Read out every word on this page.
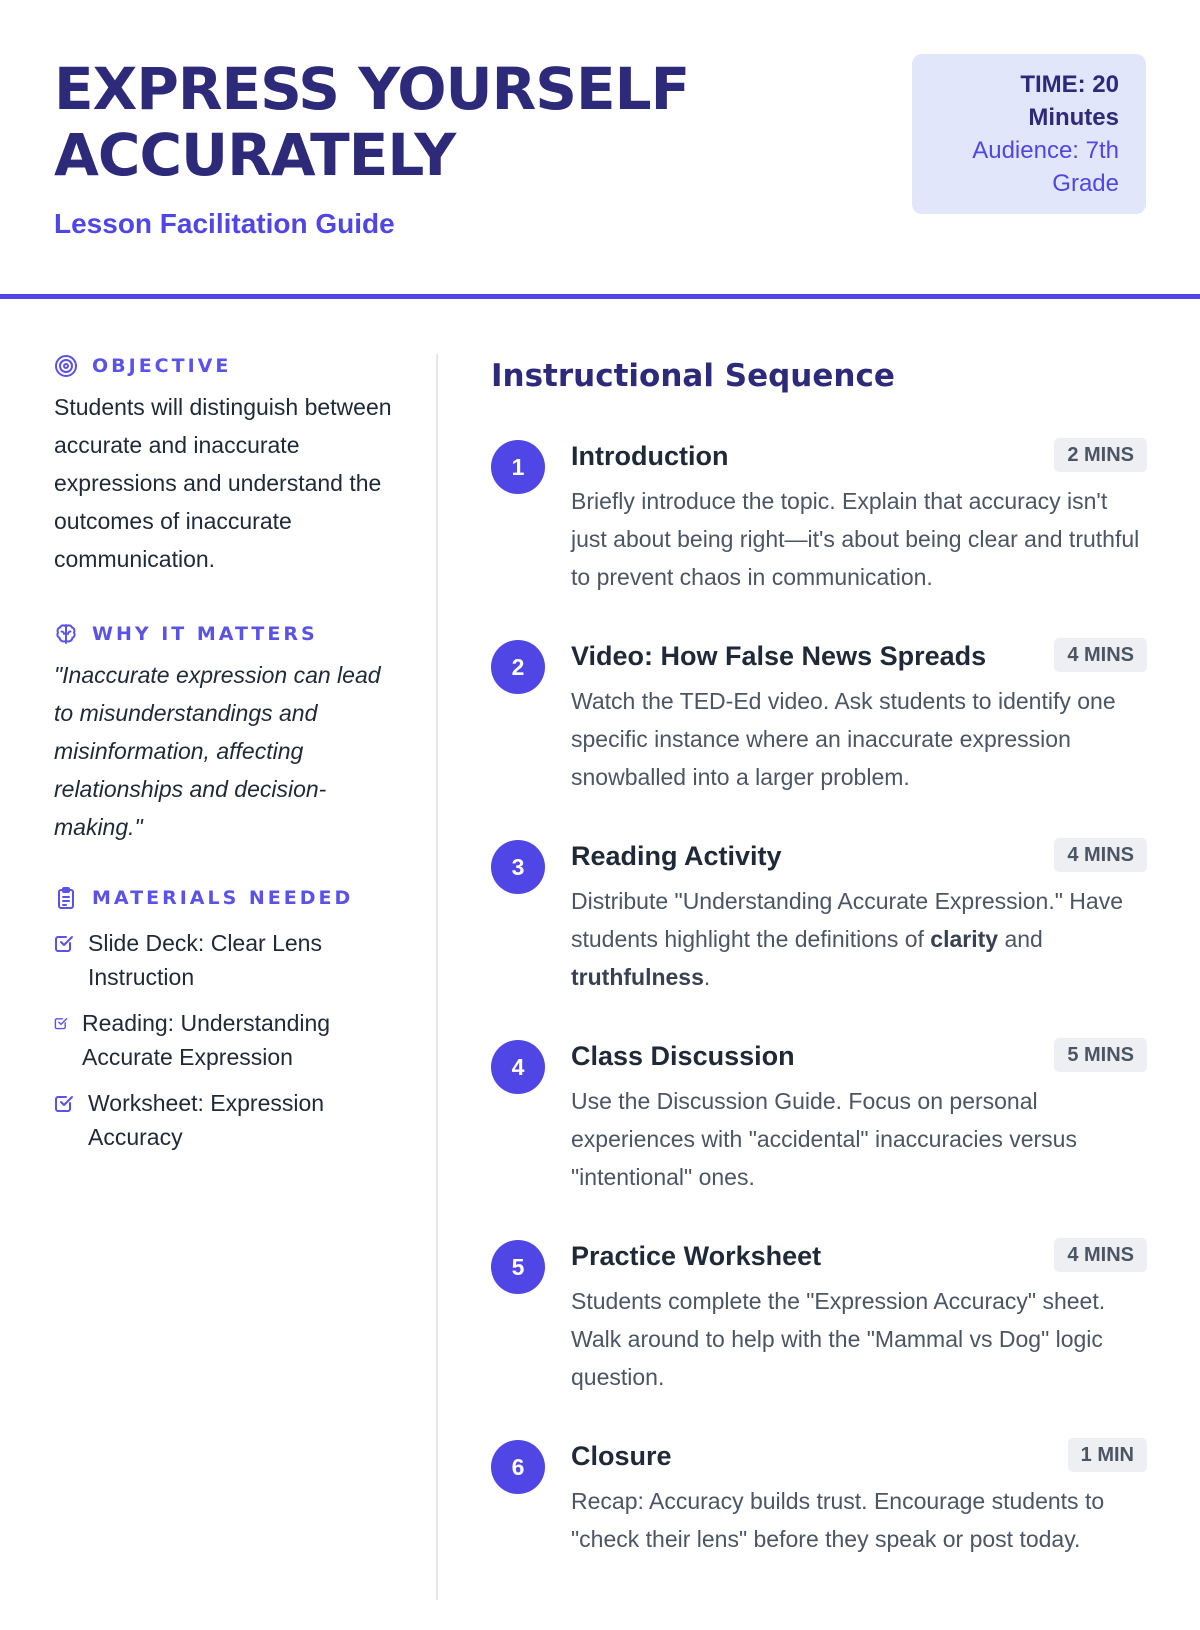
EXPRESS YOURSELF
ACCURATELY
Lesson Facilitation Guide
TIME: 20
Minutes
Audience: 7th
Grade
OBJECTIVE
Students will distinguish between accurate and inaccurate expressions and understand the outcomes of inaccurate communication.
WHY IT MATTERS
"Inaccurate expression can lead to misunderstandings and misinformation, affecting relationships and decision-making."
MATERIALS NEEDED
Slide Deck: Clear Lens Instruction
Reading: Understanding Accurate Expression
Worksheet: Expression Accuracy
Instructional Sequence
1	Introduction	2 MINS
Briefly introduce the topic. Explain that accuracy isn't just about being right—it's about being clear and truthful to prevent chaos in communication.
2	Video: How False News Spreads	4 MINS
Watch the TED-Ed video. Ask students to identify one specific instance where an inaccurate expression snowballed into a larger problem.
3	Reading Activity	4 MINS
Distribute "Understanding Accurate Expression." Have students highlight the definitions of clarity and truthfulness.
4	Class Discussion	5 MINS
Use the Discussion Guide. Focus on personal experiences with "accidental" inaccuracies versus "intentional" ones.
5	Practice Worksheet	4 MINS
Students complete the "Expression Accuracy" sheet. Walk around to help with the "Mammal vs Dog" logic question.
6	Closure	1 MIN
Recap: Accuracy builds trust. Encourage students to "check their lens" before they speak or post today.
